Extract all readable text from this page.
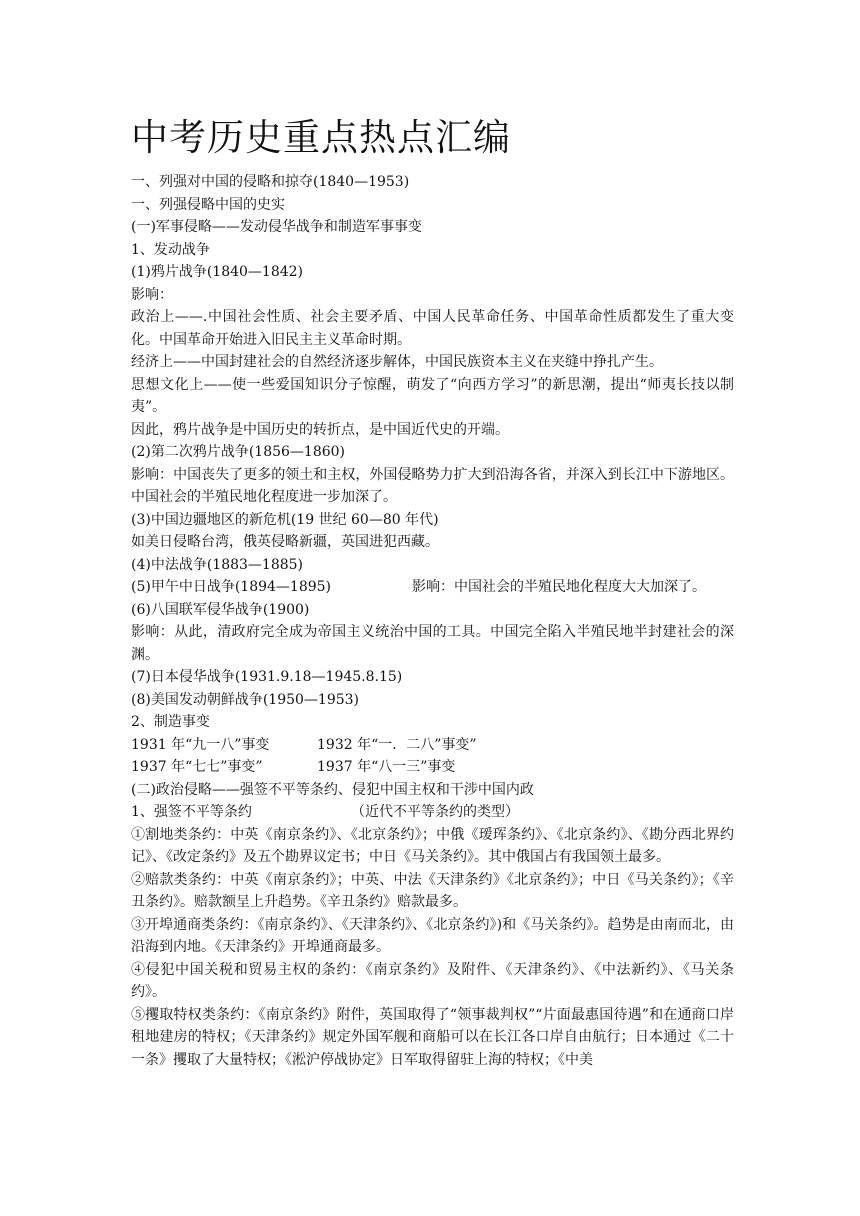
中考历史重点热点汇编
一、列强对中国的侵略和掠夺(1840—1953)
一、列强侵略中国的史实
(一)军事侵略——发动侵华战争和制造军事事变
1、发动战争
(1)鸦片战争(1840—1842)
影响：
政治上——.中国社会性质、社会主要矛盾、中国人民革命任务、中国革命性质都发生了重大变化。中国革命开始进入旧民主主义革命时期。
经济上——中国封建社会的自然经济逐步解体，中国民族资本主义在夹缝中挣扎产生。
思想文化上——使一些爱国知识分子惊醒，萌发了“向西方学习”的新思潮，提出“师夷长技以制夷”。
因此，鸦片战争是中国历史的转折点，是中国近代史的开端。
(2)第二次鸦片战争(1856—1860)
影响：中国丧失了更多的领土和主权，外国侵略势力扩大到沿海各省，并深入到长江中下游地区。中国社会的半殖民地化程度进一步加深了。
(3)中国边疆地区的新危机(19 世纪 60—80 年代)
如美日侵略台湾，俄英侵略新疆，英国进犯西藏。
(4)中法战争(1883—1885)
(5)甲午中日战争(1894—1895)	影响：中国社会的半殖民地化程度大大加深了。
(6)八国联军侵华战争(1900)
影响：从此，清政府完全成为帝国主义统治中国的工具。中国完全陷入半殖民地半封建社会的深渊。
(7)日本侵华战争(1931.9.18—1945.8.15)
(8)美国发动朝鲜战争(1950—1953)
2、制造事变
1931 年“九一八”事变	1932 年“一．二八”事变”
1937 年“七七”事变”	1937 年“八一三”事变
(二)政治侵略——强签不平等条约、侵犯中国主权和干涉中国内政
1、强签不平等条约	（近代不平等条约的类型）
①割地类条约：中英《南京条约》、《北京条约》；中俄《瑷珲条约》、《北京条约》、《勘分西北界约记》、《改定条约》及五个勘界议定书；中日《马关条约》。其中俄国占有我国领土最多。
②赔款类条约：中英《南京条约》；中英、中法《天津条约》《北京条约》；中日《马关条约》；《辛丑条约》。赔款额呈上升趋势。《辛丑条约》赔款最多。
③开埠通商类条约：《南京条约》、《天津条约》、《北京条约》)和《马关条约》。趋势是由南而北，由沿海到内地。《天津条约》开埠通商最多。
④侵犯中国关税和贸易主权的条约：《南京条约》及附件、《天津条约》、《中法新约》、《马关条约》。
⑤攫取特权类条约：《南京条约》附件，英国取得了“领事裁判权”“片面最惠国待遇”和在通商口岸租地建房的特权；《天津条约》规定外国军舰和商船可以在长江各口岸自由航行；日本通过《二十一条》攫取了大量特权；《淞沪停战协定》日军取得留驻上海的特权；《中美
